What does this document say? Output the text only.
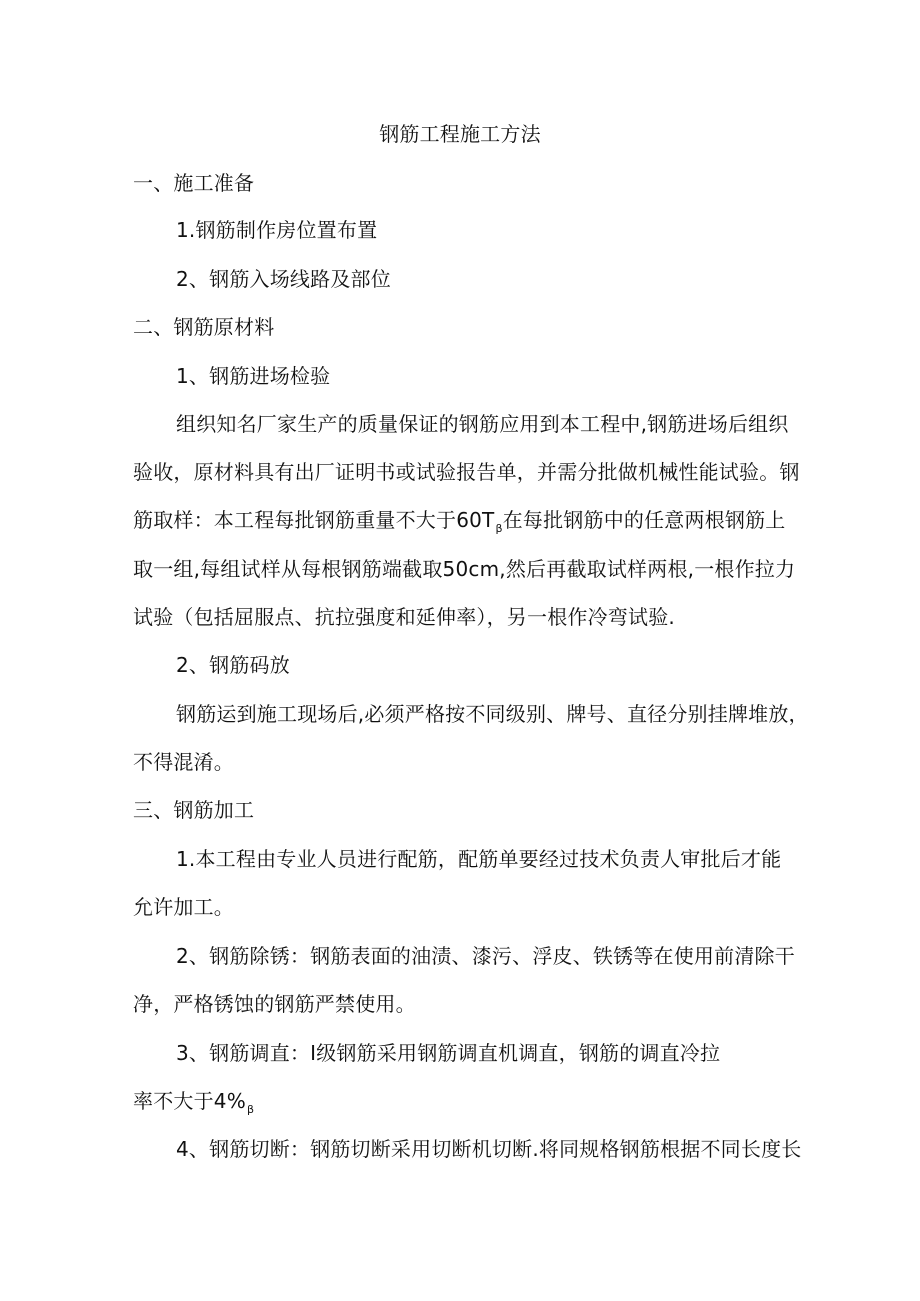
钢筋工程施工方法
一、施工准备
1.钢筋制作房位置布置
2、钢筋入场线路及部位
二、钢筋原材料
1、钢筋进场检验
组织知名厂家生产的质量保证的钢筋应用到本工程中,钢筋进场后组织
验收，原材料具有出厂证明书或试验报告单，并需分批做机械性能试验。钢
筋取样：本工程每批钢筋重量不大于$60T_\beta$在每批钢筋中的任意两根钢筋上
取一组,每组试样从每根钢筋端截取50cm,然后再截取试样两根,一根作拉力
试验（包括屈服点、抗拉强度和延伸率），另一根作冷弯试验.
2、钢筋码放
钢筋运到施工现场后,必须严格按不同级别、牌号、直径分别挂牌堆放，
不得混淆。
三、钢筋加工
1.本工程由专业人员进行配筋，配筋单要经过技术负责人审批后才能
允许加工。
2、钢筋除锈：钢筋表面的油渍、漆污、浮皮、铁锈等在使用前清除干
净，严格锈蚀的钢筋严禁使用。
3、钢筋调直：I级钢筋采用钢筋调直机调直，钢筋的调直冷拉
率不大于$4\%_\beta$
4、钢筋切断：钢筋切断采用切断机切断.将同规格钢筋根据不同长度长
